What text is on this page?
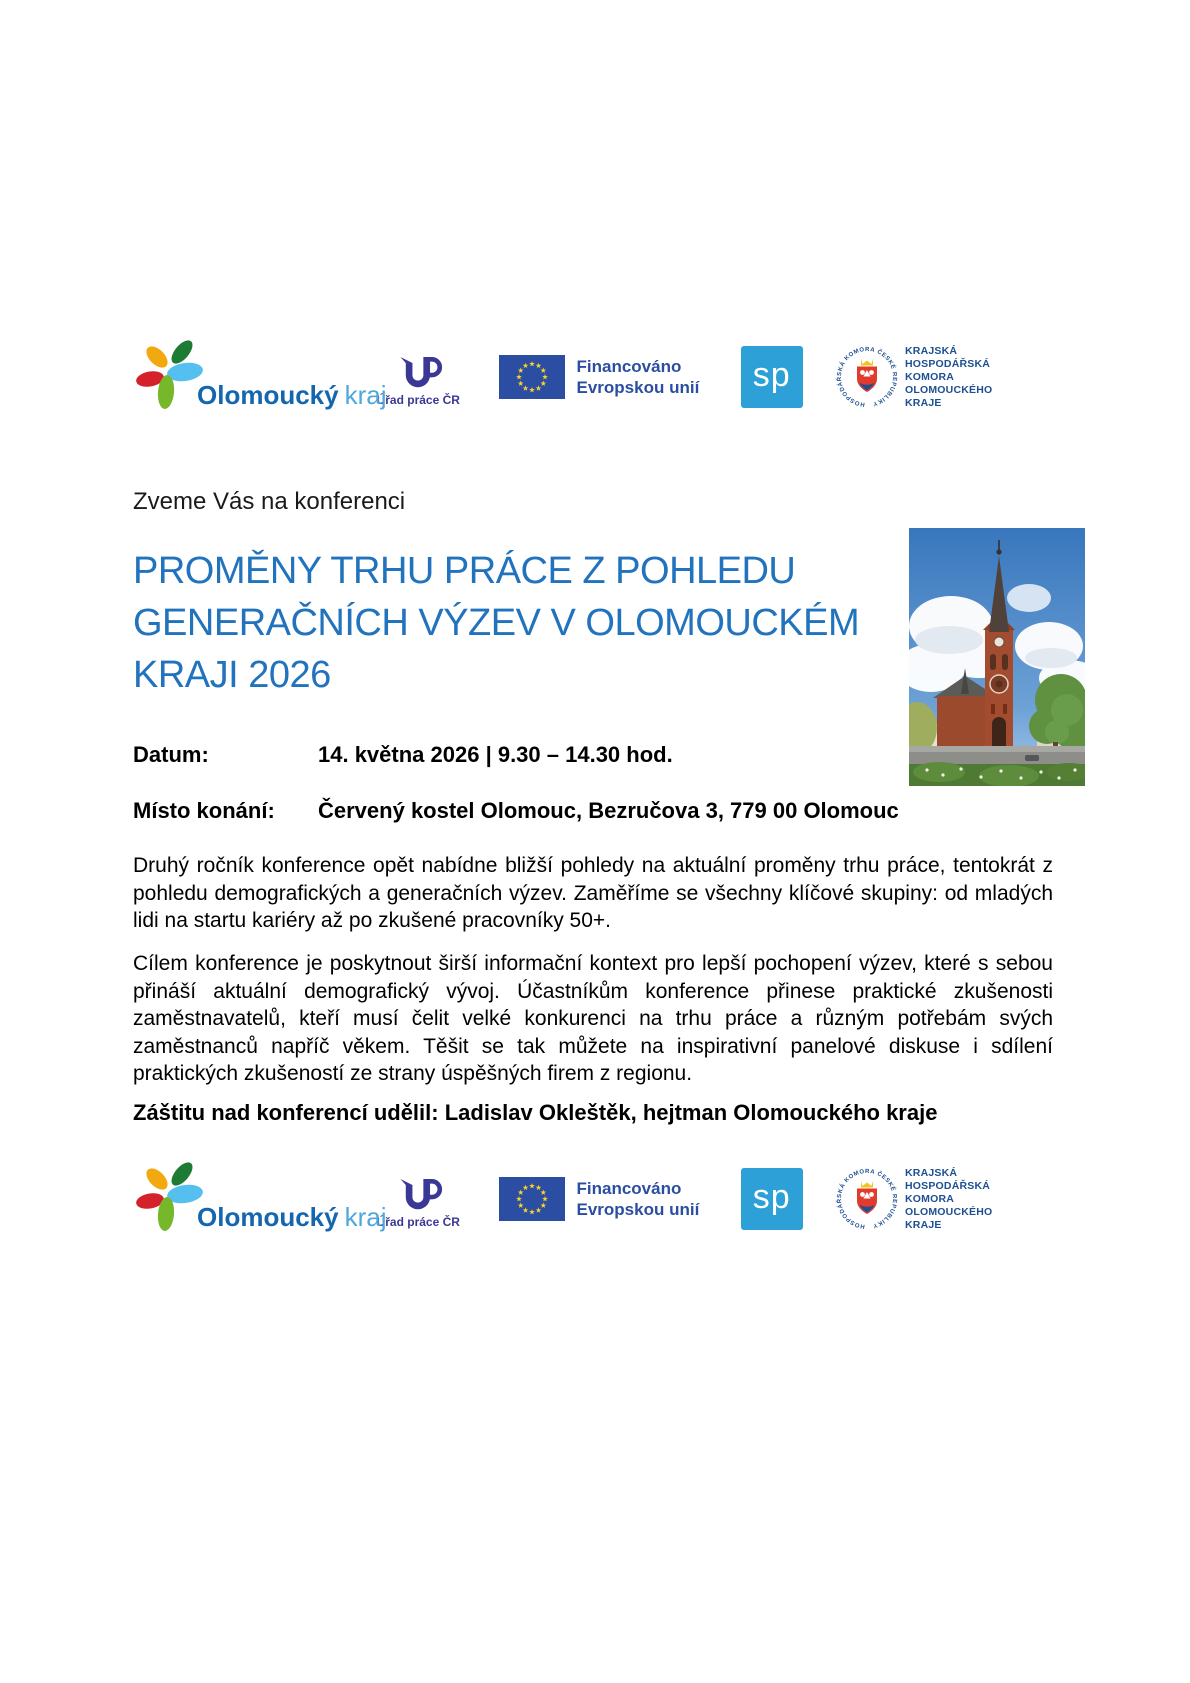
Olomoucký kraj
Úřad práce ČR
Financováno
Evropskou unií sp
HOSPODÁŘSKÁ KOMORA ČESKÉ REPUBLIKY
KRAJSKÁ
HOSPODÁŘSKÁ
KOMORA
OLOMOUCKÉHO
KRAJE
Zveme Vás na konferenci
PROMĚNY TRHU PRÁCE Z POHLEDU
GENERAČNÍCH VÝZEV V OLOMOUCKÉM
KRAJI 2026
Datum:	14. května 2026 | 9.30 – 14.30 hod.
Místo konání: Červený kostel Olomouc, Bezručova 3, 779 00 Olomouc
Druhý ročník konference opět nabídne bližší pohledy na aktuální proměny trhu práce, tentokrát z pohledu demografických a generačních výzev. Zaměříme se všechny klíčové skupiny: od mladých lidi na startu kariéry až po zkušené pracovníky 50+.
Cílem konference je poskytnout širší informační kontext pro lepší pochopení výzev, které s sebou přináší aktuální demografický vývoj. Účastníkům konference přinese praktické zkušenosti zaměstnavatelů, kteří musí čelit velké konkurenci na trhu práce a různým potřebám svých zaměstnanců napříč věkem. Těšit se tak můžete na inspirativní panelové diskuse i sdílení praktických zkušeností ze strany úspěšných firem z regionu.
Záštitu nad konferencí udělil: Ladislav Okleštěk, hejtman Olomouckého kraje
Olomoucký kraj
Úřad práce ČR
Financováno
Evropskou unií sp
HOSPODÁŘSKÁ KOMORA ČESKÉ REPUBLIKY
KRAJSKÁ
HOSPODÁŘSKÁ
KOMORA
OLOMOUCKÉHO
KRAJE
